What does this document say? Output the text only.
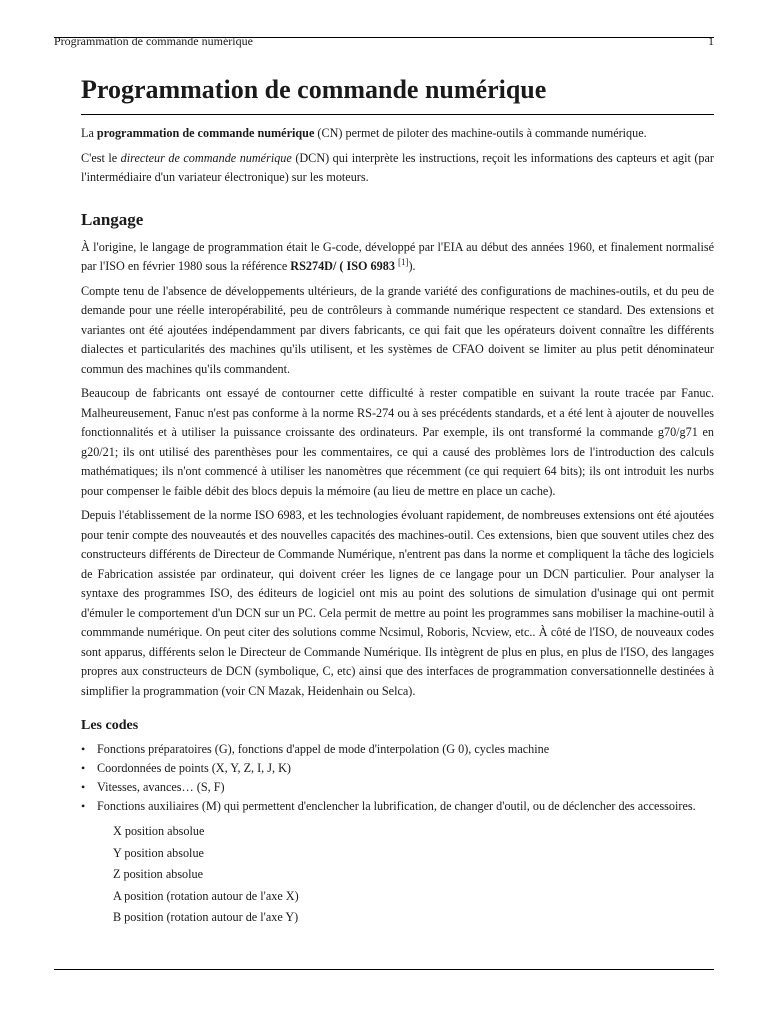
Programmation de commande numérique	1
Programmation de commande numérique

La programmation de commande numérique (CN) permet de piloter des machine-outils à commande numérique.

C'est le directeur de commande numérique (DCN) qui interprète les instructions, reçoit les informations des capteurs et agit (par l'intermédiaire d'un variateur électronique) sur les moteurs.

Langage

À l'origine, le langage de programmation était le G-code, développé par l'EIA au début des années 1960, et finalement normalisé par l'ISO en février 1980 sous la référence RS274D/ ( ISO 6983 [1]).

Compte tenu de l'absence de développements ultérieurs, de la grande variété des configurations de machines-outils, et du peu de demande pour une réelle interopérabilité, peu de contrôleurs à commande numérique respectent ce standard. Des extensions et variantes ont été ajoutées indépendamment par divers fabricants, ce qui fait que les opérateurs doivent connaître les différents dialectes et particularités des machines qu'ils utilisent, et les systèmes de CFAO doivent se limiter au plus petit dénominateur commun des machines qu'ils commandent.

Beaucoup de fabricants ont essayé de contourner cette difficulté à rester compatible en suivant la route tracée par Fanuc. Malheureusement, Fanuc n'est pas conforme à la norme RS-274 ou à ses précédents standards, et a été lent à ajouter de nouvelles fonctionnalités et à utiliser la puissance croissante des ordinateurs. Par exemple, ils ont transformé la commande g70/g71 en g20/21; ils ont utilisé des parenthèses pour les commentaires, ce qui a causé des problèmes lors de l'introduction des calculs mathématiques; ils n'ont commencé à utiliser les nanomètres que récemment (ce qui requiert 64 bits); ils ont introduit les nurbs pour compenser le faible débit des blocs depuis la mémoire (au lieu de mettre en place un cache).

Depuis l'établissement de la norme ISO 6983, et les technologies évoluant rapidement, de nombreuses extensions ont été ajoutées pour tenir compte des nouveautés et des nouvelles capacités des machines-outil. Ces extensions, bien que souvent utiles chez des constructeurs différents de Directeur de Commande Numérique, n'entrent pas dans la norme et compliquent la tâche des logiciels de Fabrication assistée par ordinateur, qui doivent créer les lignes de ce langage pour un DCN particulier. Pour analyser la syntaxe des programmes ISO, des éditeurs de logiciel ont mis au point des solutions de simulation d'usinage qui ont permit d'émuler le comportement d'un DCN sur un PC. Cela permit de mettre au point les programmes sans mobiliser la machine-outil à commmande numérique. On peut citer des solutions comme Ncsimul, Roboris, Ncview, etc.. À côté de l'ISO, de nouveaux codes sont apparus, différents selon le Directeur de Commande Numérique. Ils intègrent de plus en plus, en plus de l'ISO, des langages propres aux constructeurs de DCN (symbolique, C, etc) ainsi que des interfaces de programmation conversationnelle destinées à simplifier la programmation (voir CN Mazak, Heidenhain ou Selca).

Les codes
• Fonctions préparatoires (G), fonctions d'appel de mode d'interpolation (G 0), cycles machine
• Coordonnées de points (X, Y, Z, I, J, K)
• Vitesses, avances… (S, F)
• Fonctions auxiliaires (M) qui permettent d'enclencher la lubrification, de changer d'outil, ou de déclencher des accessoires.
X position absolue
Y position absolue
Z position absolue
A position (rotation autour de l'axe X)
B position (rotation autour de l'axe Y)
